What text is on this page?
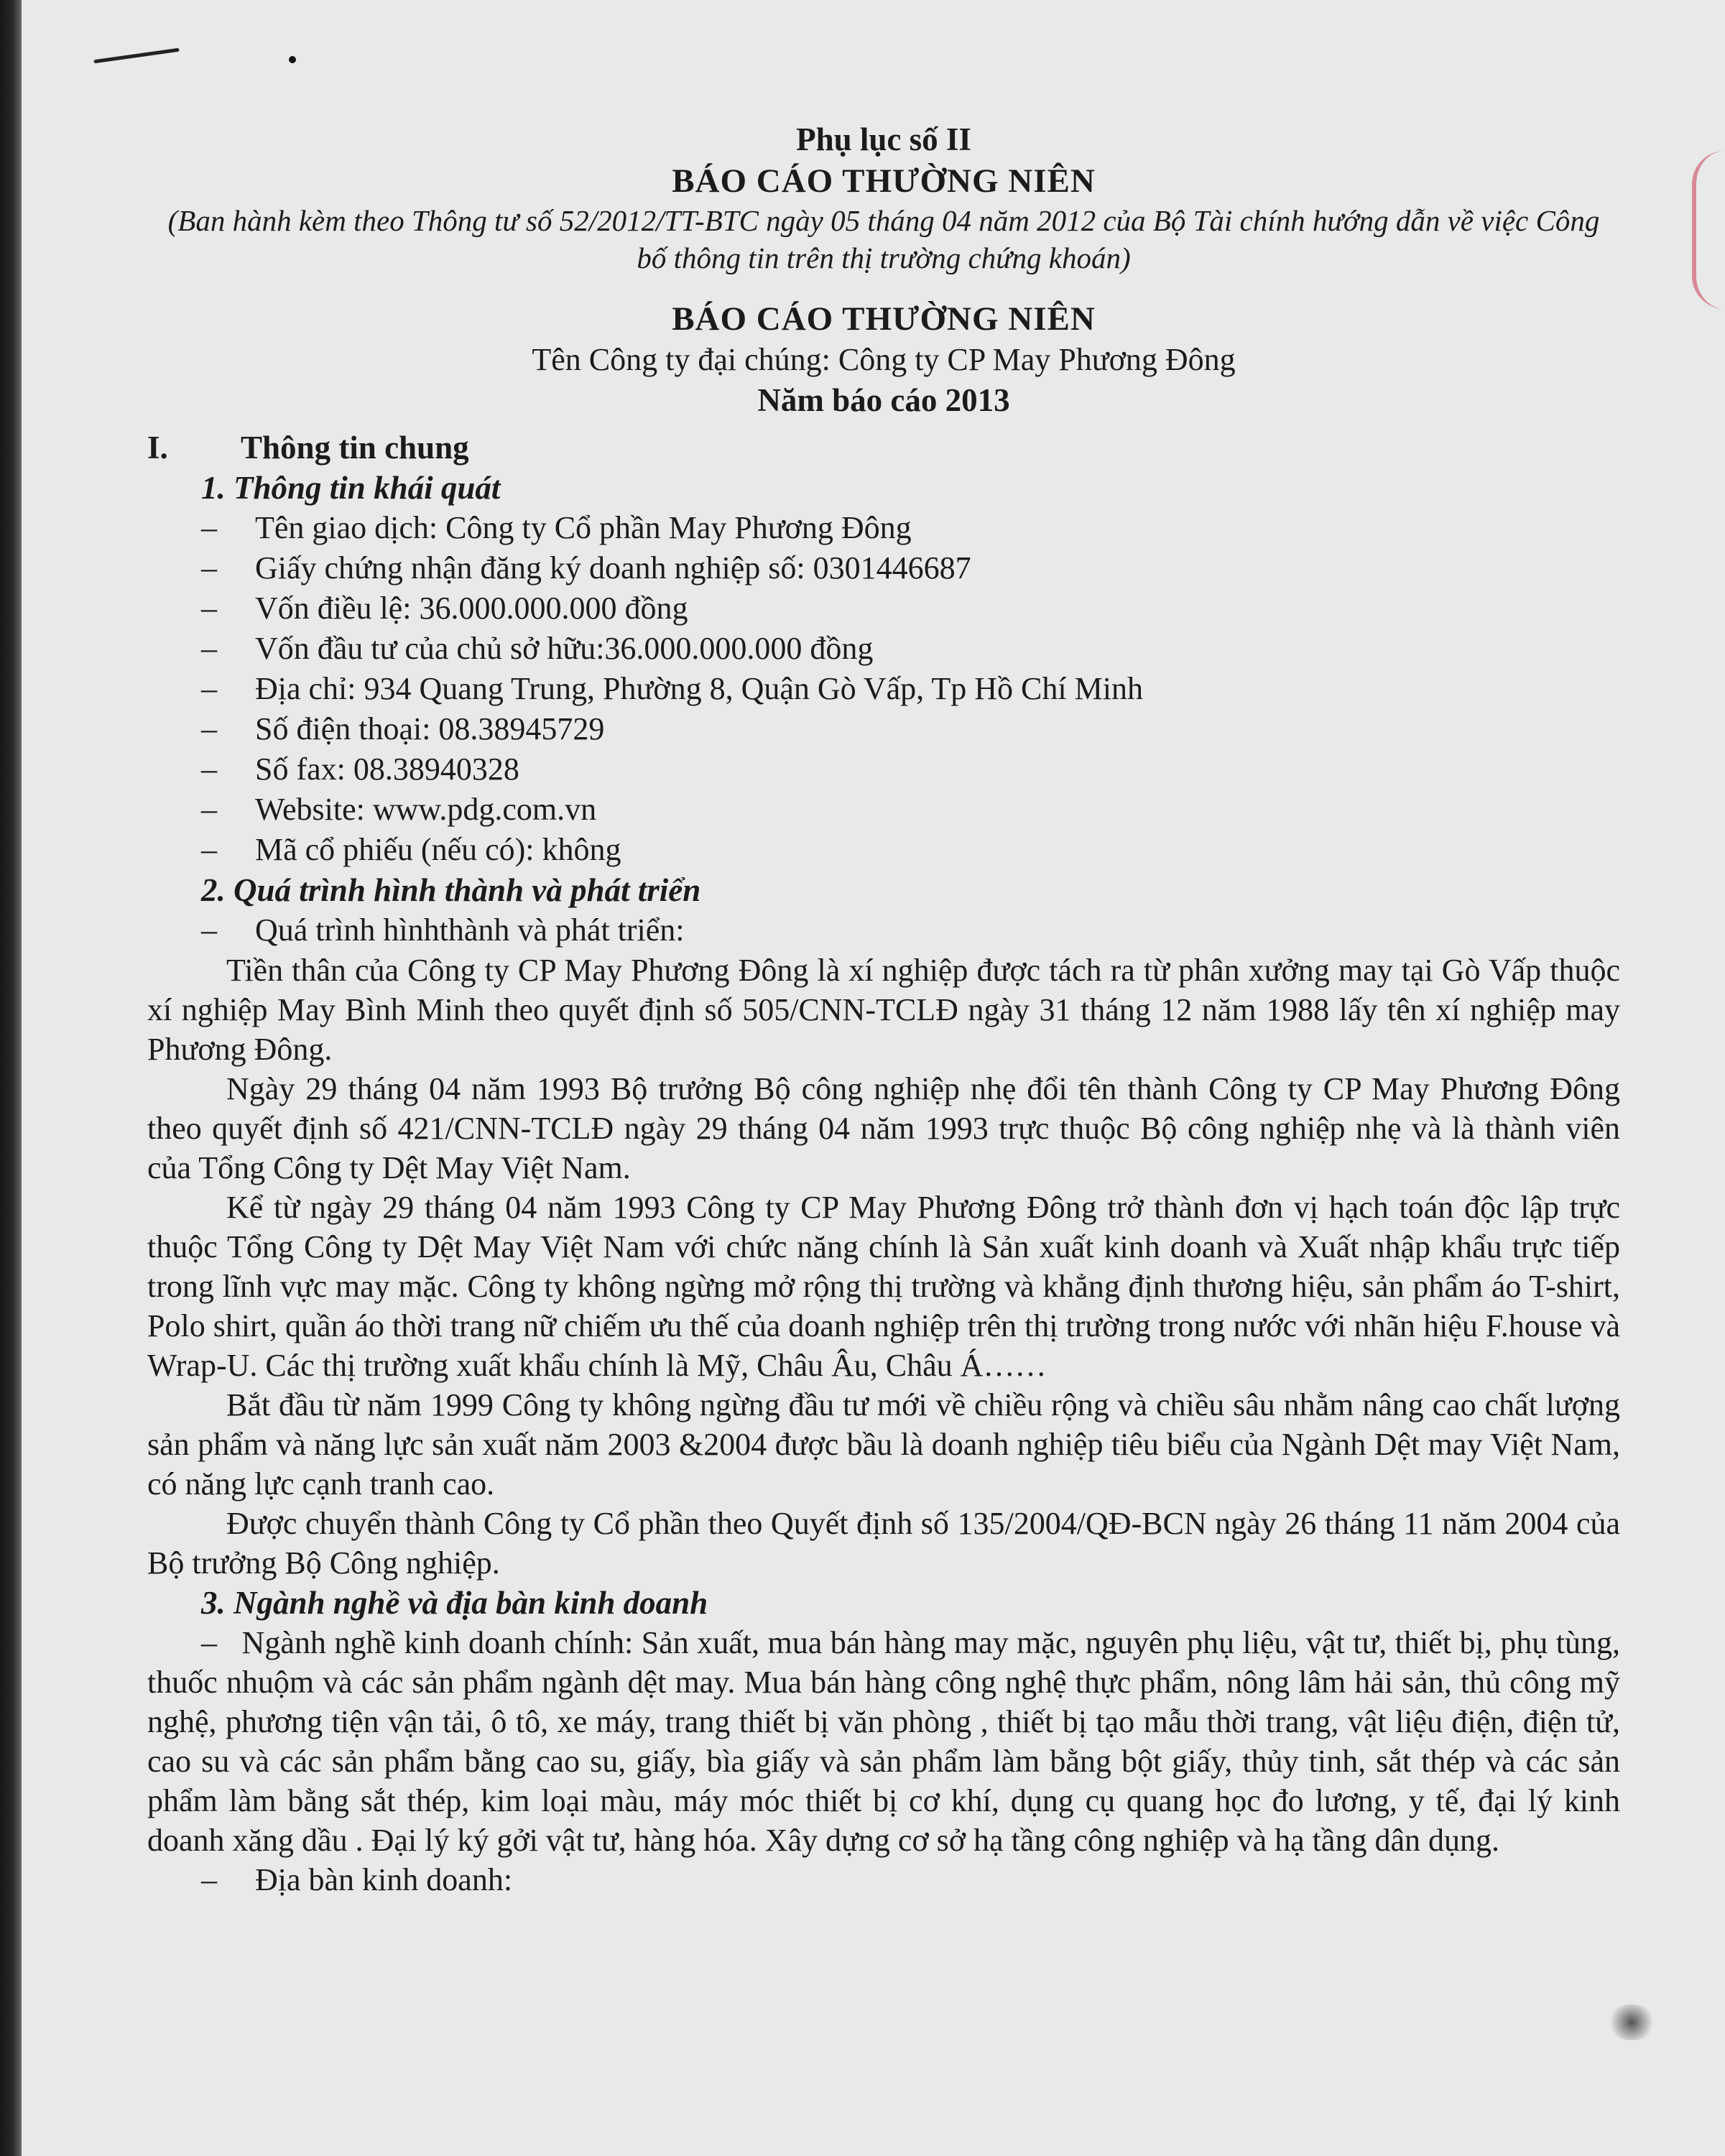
Phụ lục số II
BÁO CÁO THƯỜNG NIÊN
(Ban hành kèm theo Thông tư số 52/2012/TT-BTC ngày 05 tháng 04 năm 2012 của Bộ Tài chính hướng dẫn về việc Công bố thông tin trên thị trường chứng khoán)
BÁO CÁO THƯỜNG NIÊN
Tên Công ty đại chúng: Công ty CP May Phương Đông
Năm báo cáo 2013
I. Thông tin chung
1. Thông tin khái quát
– Tên giao dịch: Công ty Cổ phần May Phương Đông
– Giấy chứng nhận đăng ký doanh nghiệp số: 0301446687
– Vốn điều lệ: 36.000.000.000 đồng
– Vốn đầu tư của chủ sở hữu:36.000.000.000 đồng
– Địa chỉ: 934 Quang Trung, Phường 8, Quận Gò Vấp, Tp Hồ Chí Minh
– Số điện thoại: 08.38945729
– Số fax: 08.38940328
– Website: www.pdg.com.vn
– Mã cổ phiếu (nếu có): không
2. Quá trình hình thành và phát triển
– Quá trình hìnhthành và phát triển:

Tiền thân của Công ty CP May Phương Đông là xí nghiệp được tách ra từ phân xưởng may tại Gò Vấp thuộc xí nghiệp May Bình Minh theo quyết định số 505/CNN-TCLĐ ngày 31 tháng 12 năm 1988 lấy tên xí nghiệp may Phương Đông.

Ngày 29 tháng 04 năm 1993 Bộ trưởng Bộ công nghiệp nhẹ đổi tên thành Công ty CP May Phương Đông theo quyết định số 421/CNN-TCLĐ ngày 29 tháng 04 năm 1993 trực thuộc Bộ công nghiệp nhẹ và là thành viên của Tổng Công ty Dệt May Việt Nam.

Kể từ ngày 29 tháng 04 năm 1993 Công ty CP May Phương Đông trở thành đơn vị hạch toán độc lập trực thuộc Tổng Công ty Dệt May Việt Nam với chức năng chính là Sản xuất kinh doanh và Xuất nhập khẩu trực tiếp trong lĩnh vực may mặc. Công ty không ngừng mở rộng thị trường và khẳng định thương hiệu, sản phẩm áo T-shirt, Polo shirt, quần áo thời trang nữ chiếm ưu thế của doanh nghiệp trên thị trường trong nước với nhãn hiệu F.house và Wrap-U. Các thị trường xuất khẩu chính là Mỹ, Châu Âu, Châu Á……

Bắt đầu từ năm 1999 Công ty không ngừng đầu tư mới về chiều rộng và chiều sâu nhằm nâng cao chất lượng sản phẩm và năng lực sản xuất năm 2003 &2004 được bầu là doanh nghiệp tiêu biểu của Ngành Dệt may Việt Nam, có năng lực cạnh tranh cao.

Được chuyển thành Công ty Cổ phần theo Quyết định số 135/2004/QĐ-BCN ngày 26 tháng 11 năm 2004 của Bộ trưởng Bộ Công nghiệp.

3. Ngành nghề và địa bàn kinh doanh

–   Ngành nghề kinh doanh chính: Sản xuất, mua bán hàng may mặc, nguyên phụ liệu, vật tư, thiết bị, phụ tùng, thuốc nhuộm và các sản phẩm ngành dệt may. Mua bán hàng công nghệ thực phẩm, nông lâm hải sản, thủ công mỹ nghệ, phương tiện vận tải, ô tô, xe máy, trang thiết bị văn phòng , thiết bị tạo mẫu thời trang, vật liệu điện, điện tử, cao su và các sản phẩm bằng cao su, giấy, bìa giấy và sản phẩm làm bằng bột giấy, thủy tinh, sắt thép và các sản phẩm làm bằng sắt thép, kim loại màu, máy móc thiết bị cơ khí, dụng cụ quang học đo lương, y tế, đại lý kinh doanh xăng dầu . Đại lý ký gởi vật tư, hàng hóa. Xây dựng cơ sở hạ tầng công nghiệp và hạ tầng dân dụng.

– Địa bàn kinh doanh:
